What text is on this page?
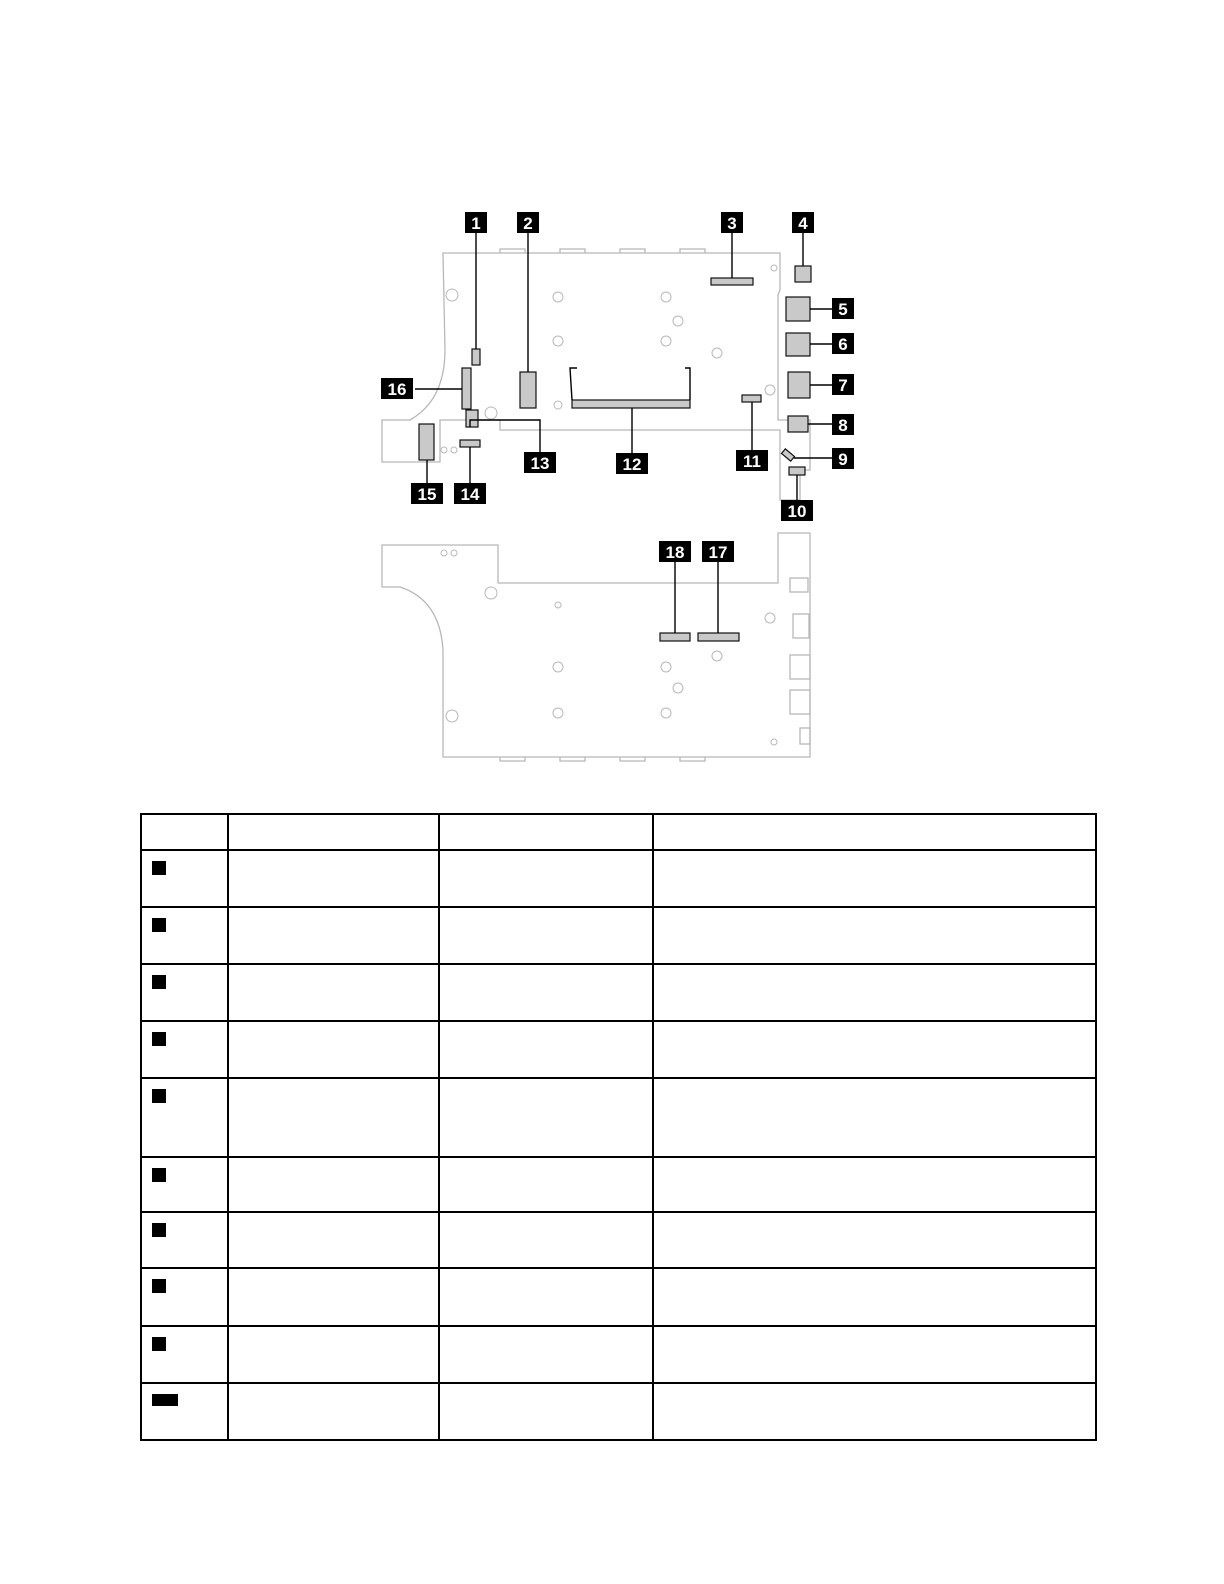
1	2	3	4
5
6
7
8
9
10
11
12
13
14
15
16
17
18
